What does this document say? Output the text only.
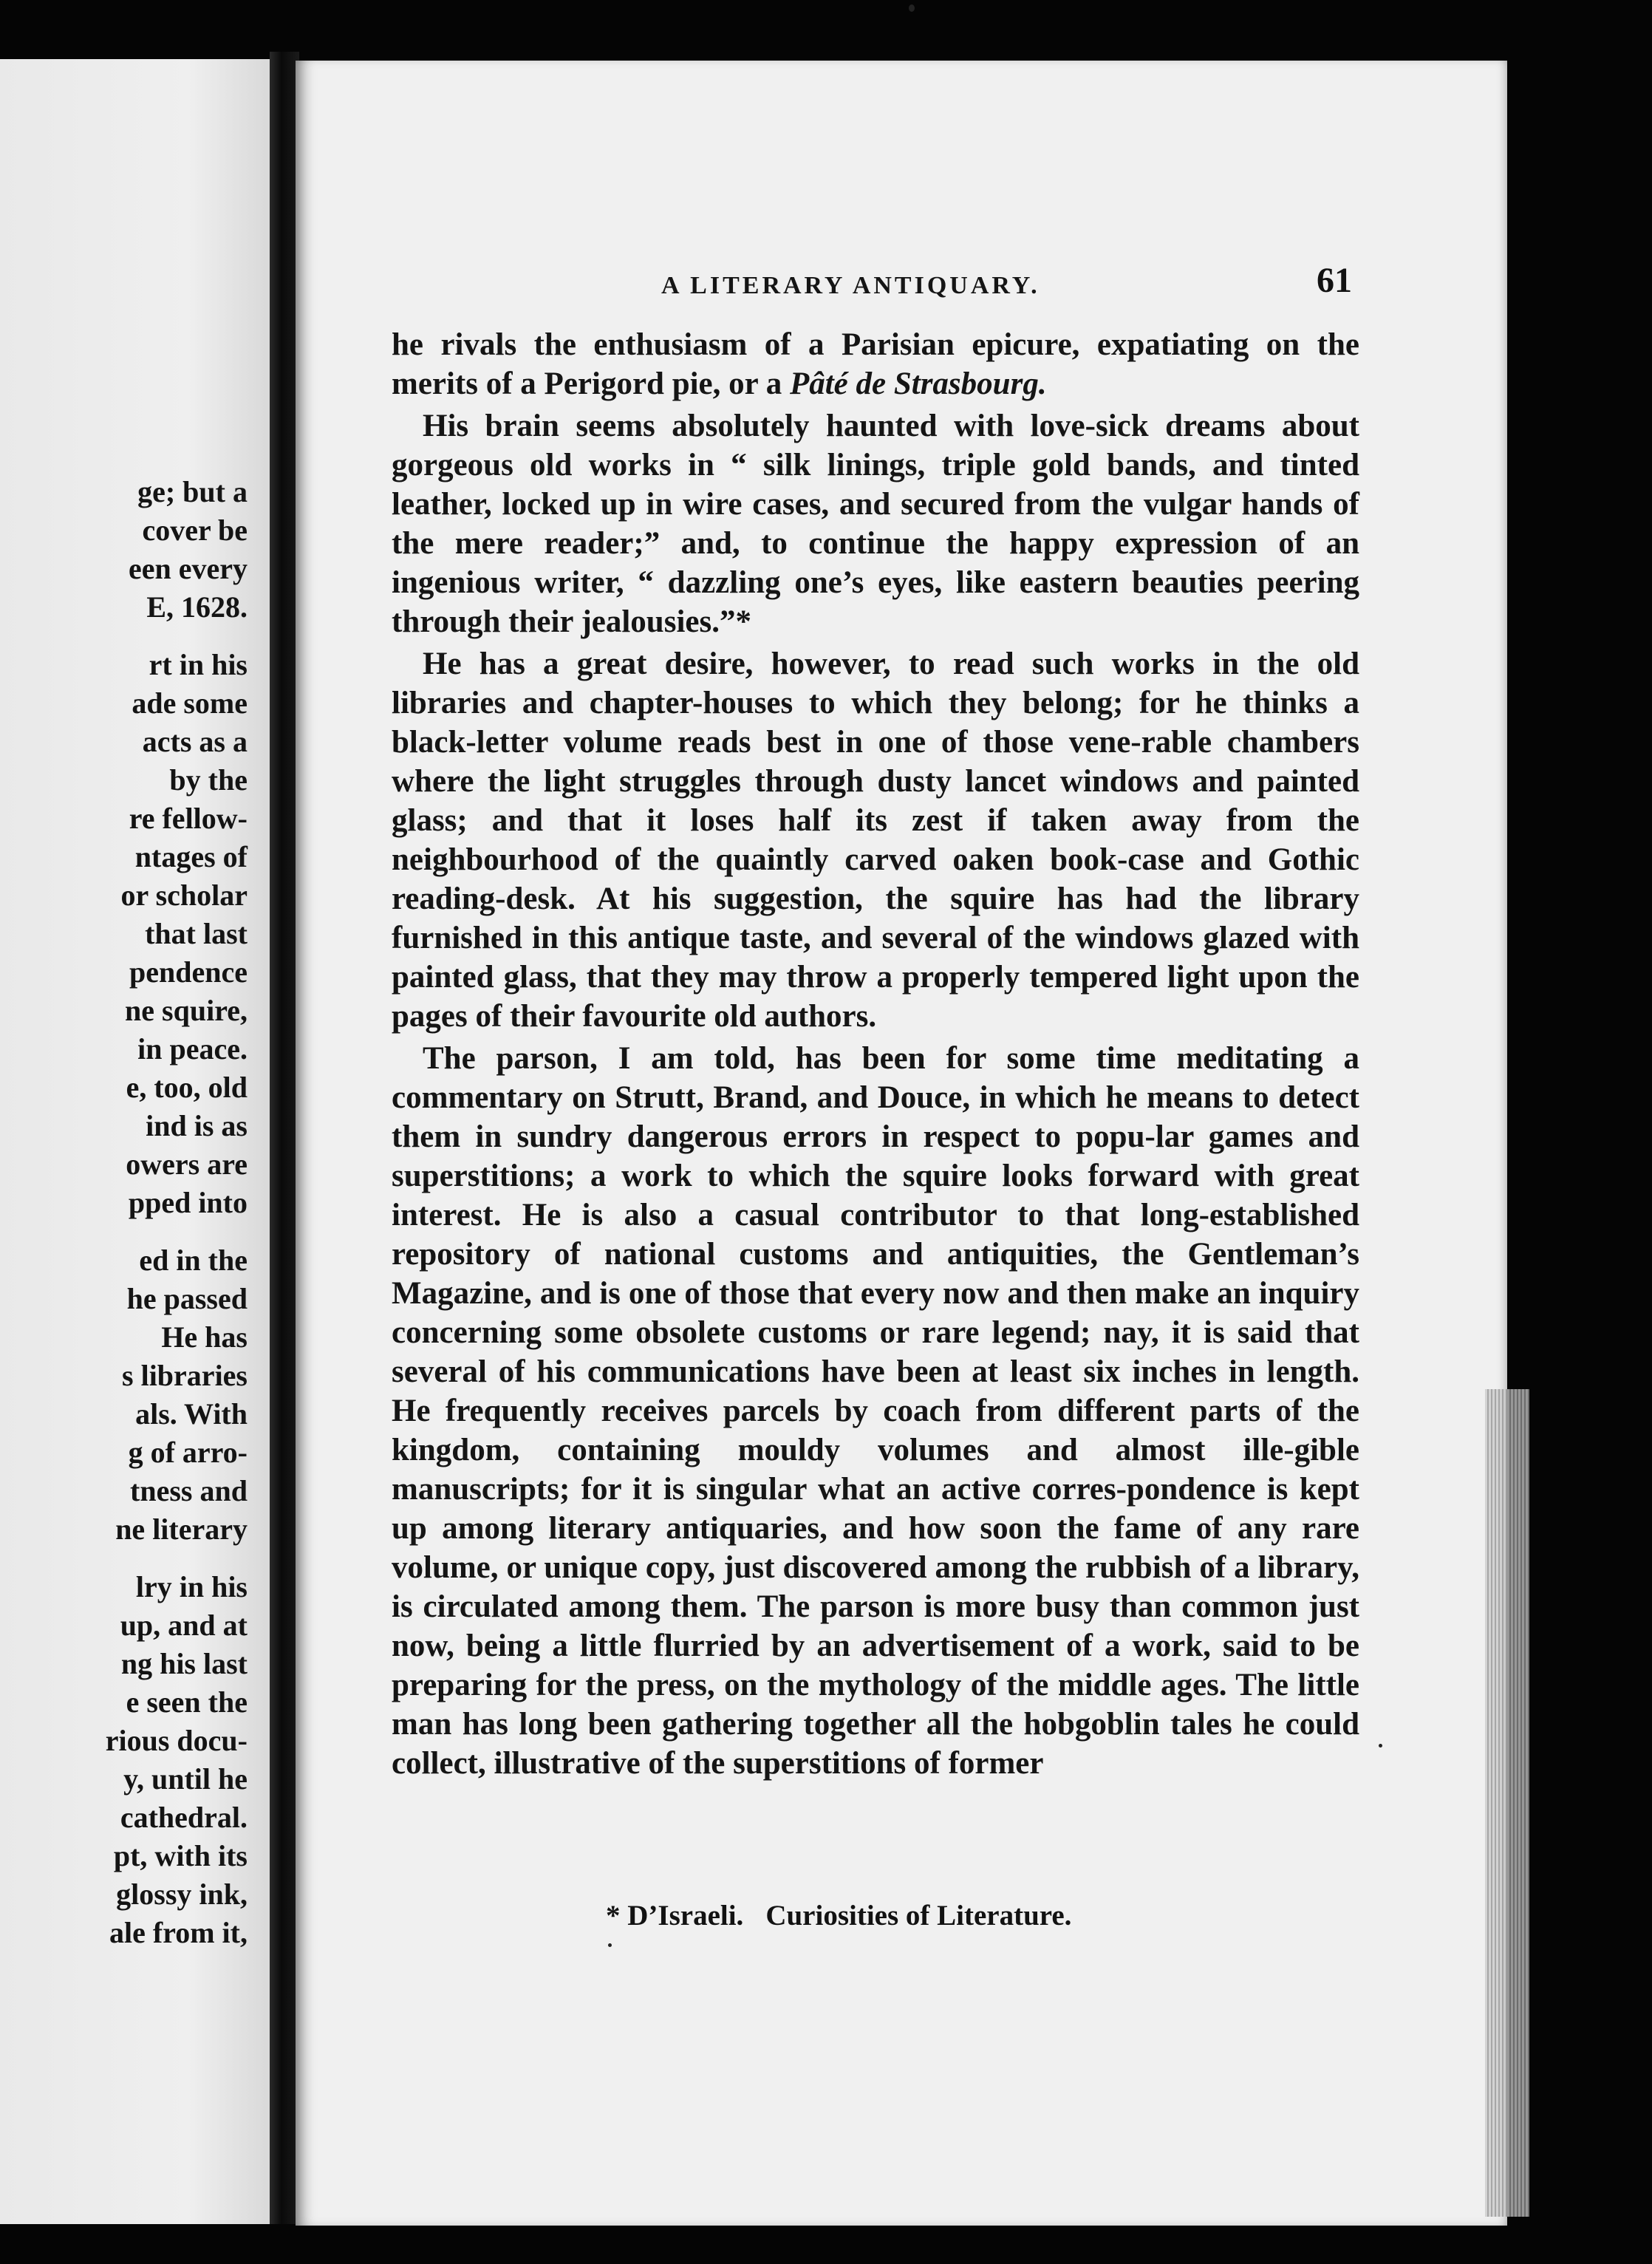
ge; but a
cover be
een every
E, 1628.
rt in his
ade some
acts as a
by the
re fellow-
ntages of
or scholar
that last
pendence
ne squire,
in peace.
e, too, old
ind is as
owers are
pped into
ed in the
he passed
He has
s libraries
als. With
g of arro-
tness and
ne literary
lry in his
up, and at
ng his last
e seen the
rious docu-
y, until he
cathedral.
pt, with its
glossy ink,
ale from it,
A LITERARY ANTIQUARY.	61

he rivals the enthusiasm of a Parisian epicure, expatiating on the merits of a Perigord pie, or a Pâté de Strasbourg.

His brain seems absolutely haunted with love-sick dreams about gorgeous old works in “ silk linings, triple gold bands, and tinted leather, locked up in wire cases, and secured from the vulgar hands of the mere reader;” and, to continue the happy expression of an ingenious writer, “ dazzling one’s eyes, like eastern beauties peering through their jealousies.”*

He has a great desire, however, to read such works in the old libraries and chapter-houses to which they belong; for he thinks a black-letter volume reads best in one of those vene-rable chambers where the light struggles through dusty lancet windows and painted glass; and that it loses half its zest if taken away from the neighbourhood of the quaintly carved oaken book-case and Gothic reading-desk. At his suggestion, the squire has had the library furnished in this antique taste, and several of the windows glazed with painted glass, that they may throw a properly tempered light upon the pages of their favourite old authors.

The parson, I am told, has been for some time meditating a commentary on Strutt, Brand, and Douce, in which he means to detect them in sundry dangerous errors in respect to popu-lar games and superstitions; a work to which the squire looks forward with great interest. He is also a casual contributor to that long-established repository of national customs and antiquities, the Gentleman’s Magazine, and is one of those that every now and then make an inquiry concerning some obsolete customs or rare legend; nay, it is said that several of his communications have been at least six inches in length. He frequently receives parcels by coach from different parts of the kingdom, containing mouldy volumes and almost ille-gible manuscripts; for it is singular what an active corres-pondence is kept up among literary antiquaries, and how soon the fame of any rare volume, or unique copy, just discovered among the rubbish of a library, is circulated among them. The parson is more busy than common just now, being a little flurried by an advertisement of a work, said to be preparing for the press, on the mythology of the middle ages. The little man has long been gathering together all the hobgoblin tales he could collect, illustrative of the superstitions of former

* D’Israeli. Curiosities of Literature.
